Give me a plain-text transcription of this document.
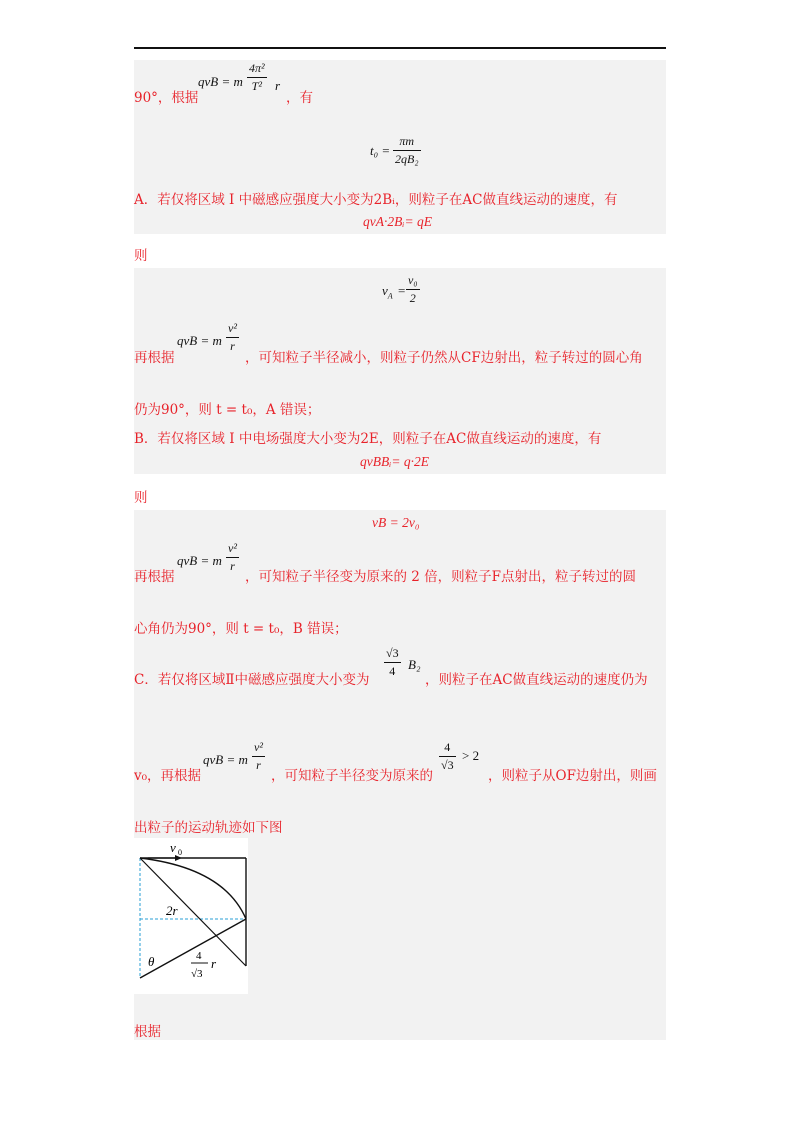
90°，根据
qvB = m
4π²
T²	r
，有
t₀ =
πm
2qB₂
A．若仅将区域 I 中磁感应强度大小变为2Bᵢ，则粒子在AC做直线运动的速度，有
qvA·2Bᵢ= qE
则
$v_A$ =
v₀
2
再根据
qvB = m
v²
r
，可知粒子半径减小，则粒子仍然从CF边射出，粒子转过的圆心角
仍为90°，则 t = t₀，A 错误；
B．若仅将区域 I 中电场强度大小变为2E，则粒子在AC做直线运动的速度，有
qvBBᵢ= q·2E
则
vB = 2v₀
再根据
qvB = m
v²
r
，可知粒子半径变为原来的 2 倍，则粒子F点射出，粒子转过的圆
心角仍为90°，则 t = t₀，B 错误；
C．若仅将区域Ⅱ中磁感应强度大小变为
√3
4 B₂
，则粒子在AC做直线运动的速度仍为
v₀，再根据
qvB = m
v²
r
，可知粒子半径变为原来的
4
√3
> 2
，则粒子从OF边射出，则画
出粒子的运动轨迹如下图
v 0
2r
θ	4
√3
r
根据
